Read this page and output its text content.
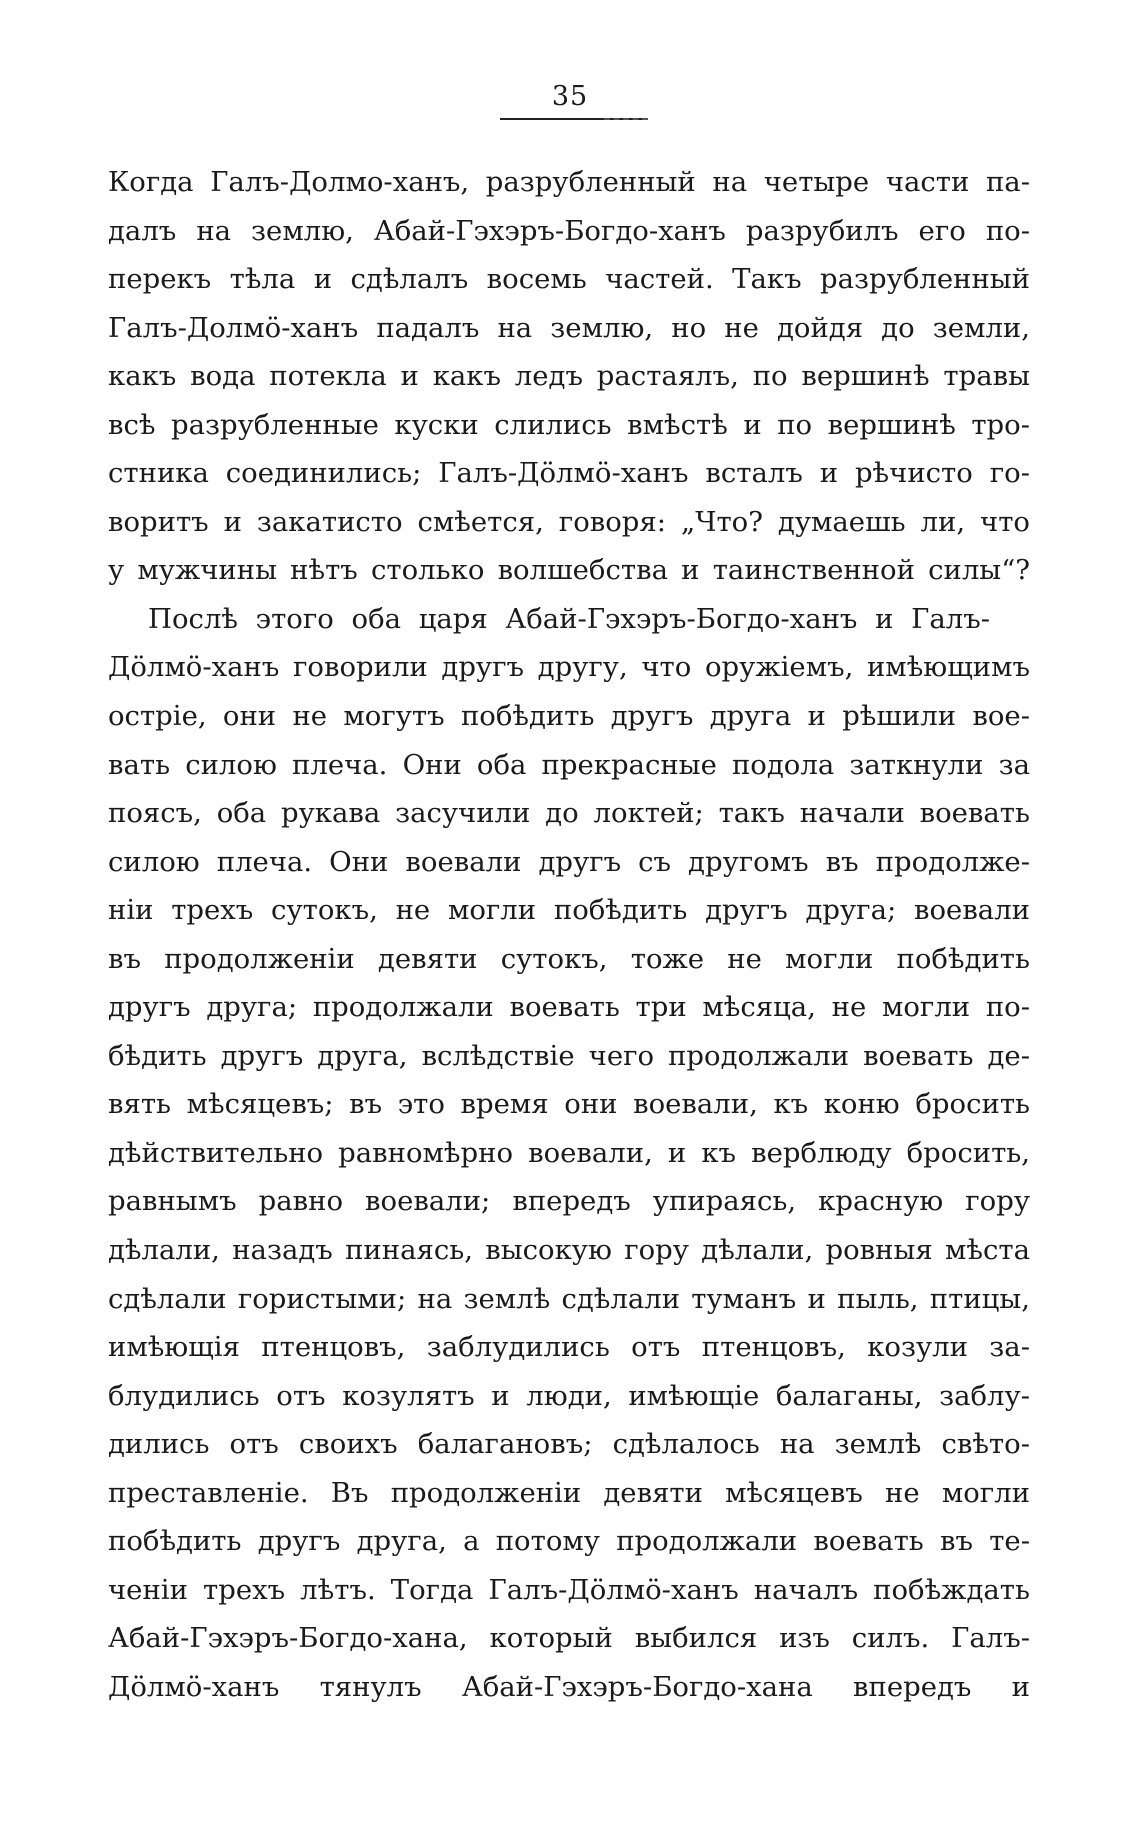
35
Когда Галъ-Долмо-ханъ, разрубленный на четыре части па-
далъ на землю, Абай-Гэхэръ-Богдо-ханъ разрубилъ его по-
перекъ тѣла и сдѣлалъ восемь частей. Такъ разрубленный
Галъ-Долмö-ханъ падалъ на землю, но не дойдя до земли,
какъ вода потекла и какъ ледъ растаялъ, по вершинѣ травы
всѣ разрубленные куски слились вмѣстѣ и по вершинѣ тро-
стника соединились; Галъ-Дöлмö-ханъ всталъ и рѣчисто го-
воритъ и закатисто смѣется, говоря: „Что? думаешь ли, что
у мужчины нѣтъ столько волшебства и таинственной силы“?
Послѣ этого оба царя Абай-Гэхэръ-Богдо-ханъ и Галъ-
Дöлмö-ханъ говорили другъ другу, что оружіемъ, имѣющимъ
остріе, они не могутъ побѣдить другъ друга и рѣшили вое-
вать силою плеча. Они оба прекрасные подола заткнули за
поясъ, оба рукава засучили до локтей; такъ начали воевать
силою плеча. Они воевали другъ съ другомъ въ продолже-
ніи трехъ сутокъ, не могли побѣдить другъ друга; воевали
въ продолженіи девяти сутокъ, тоже не могли побѣдить
другъ друга; продолжали воевать три мѣсяца, не могли по-
бѣдить другъ друга, вслѣдствіе чего продолжали воевать де-
вять мѣсяцевъ; въ это время они воевали, къ коню бросить
дѣйствительно равномѣрно воевали, и къ верблюду бросить,
равнымъ равно воевали; впередъ упираясь, красную гору
дѣлали, назадъ пинаясь, высокую гору дѣлали, ровныя мѣста
сдѣлали гористыми; на землѣ сдѣлали туманъ и пыль, птицы,
имѣющія птенцовъ, заблудились отъ птенцовъ, козули за-
блудились отъ козулятъ и люди, имѣющіе балаганы, заблу-
дились отъ своихъ балагановъ; сдѣлалось на землѣ свѣто-
преставленіе. Въ продолженіи девяти мѣсяцевъ не могли
побѣдить другъ друга, а потому продолжали воевать въ те-
ченіи трехъ лѣтъ. Тогда Галъ-Дöлмö-ханъ началъ побѣждать
Абай-Гэхэръ-Богдо-хана, который выбился изъ силъ. Галъ-
Дöлмö-ханъ тянулъ Абай-Гэхэръ-Богдо-хана впередъ и
